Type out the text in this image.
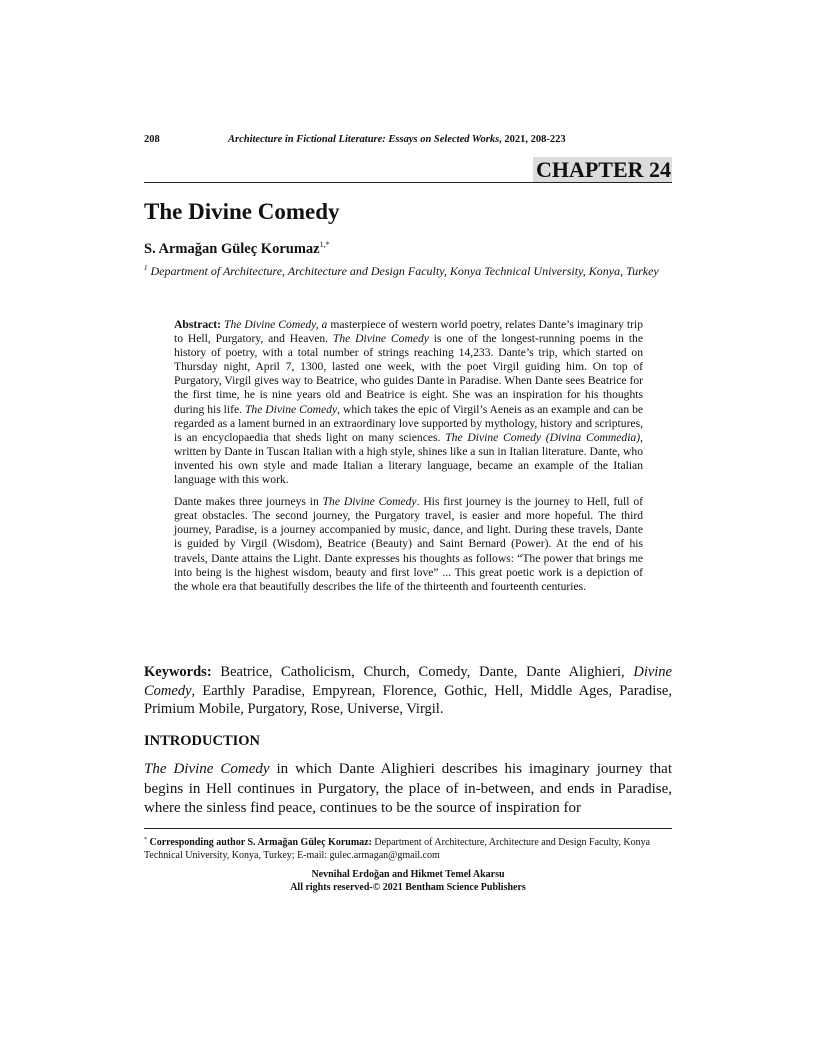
208	Architecture in Fictional Literature: Essays on Selected Works, 2021, 208-223
CHAPTER 24
The Divine Comedy
S. Armağan Güleç Korumaz$^{1,*}$
$^1$ Department of Architecture, Architecture and Design Faculty, Konya Technical University, Konya, Turkey

Abstract: The Divine Comedy, a masterpiece of western world poetry, relates Dante’s imaginary trip to Hell, Purgatory, and Heaven. The Divine Comedy is one of the longest-running poems in the history of poetry, with a total number of strings reaching 14,233. Dante’s trip, which started on Thursday night, April 7, 1300, lasted one week, with the poet Virgil guiding him. On top of Purgatory, Virgil gives way to Beatrice, who guides Dante in Paradise. When Dante sees Beatrice for the first time, he is nine years old and Beatrice is eight. She was an inspiration for his thoughts during his life. The Divine Comedy, which takes the epic of Virgil’s Aeneis as an example and can be regarded as a lament burned in an extraordinary love supported by mythology, history and scriptures, is an encyclopaedia that sheds light on many sciences. The Divine Comedy (Divina Commedia), written by Dante in Tuscan Italian with a high style, shines like a sun in Italian literature. Dante, who invented his own style and made Italian a literary language, became an example of the Italian language with this work.

Dante makes three journeys in The Divine Comedy. His first journey is the journey to Hell, full of great obstacles. The second journey, the Purgatory travel, is easier and more hopeful. The third journey, Paradise, is a journey accompanied by music, dance, and light. During these travels, Dante is guided by Virgil (Wisdom), Beatrice (Beauty) and Saint Bernard (Power). At the end of his travels, Dante attains the Light. Dante expresses his thoughts as follows: “The power that brings me into being is the highest wisdom, beauty and first love” ... This great poetic work is a depiction of the whole era that beautifully describes the life of the thirteenth and fourteenth centuries.

Keywords: Beatrice, Catholicism, Church, Comedy, Dante, Dante Alighieri, Divine Comedy, Earthly Paradise, Empyrean, Florence, Gothic, Hell, Middle Ages, Paradise, Primium Mobile, Purgatory, Rose, Universe, Virgil.

INTRODUCTION

The Divine Comedy in which Dante Alighieri describes his imaginary journey that begins in Hell continues in Purgatory, the place of in-between, and ends in Paradise, where the sinless find peace, continues to be the source of inspiration for

* Corresponding author S. Armağan Güleç Korumaz: Department of Architecture, Architecture and Design Faculty, Konya Technical University, Konya, Turkey; E-mail: gulec.armagan@gmail.com

Nevnihal Erdoğan and Hikmet Temel Akarsu
All rights reserved-© 2021 Bentham Science Publishers
